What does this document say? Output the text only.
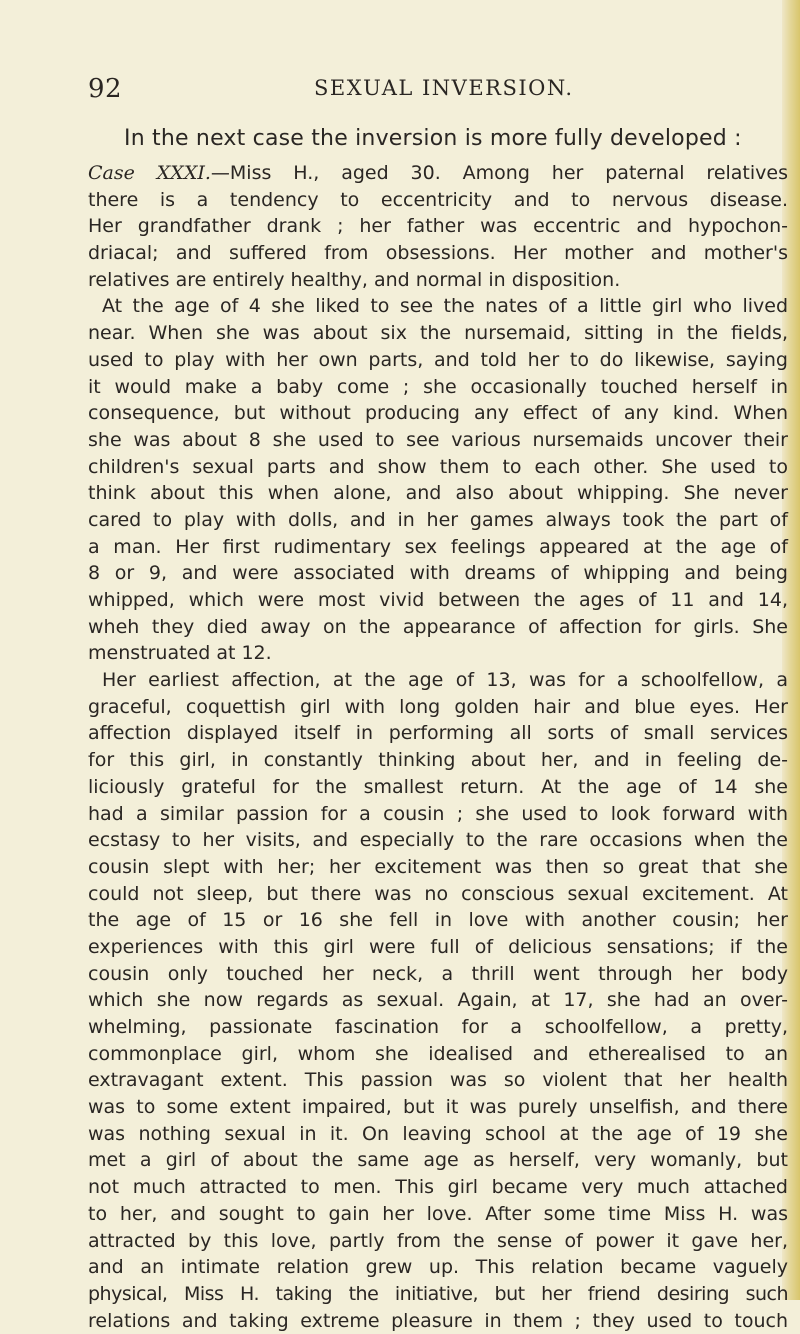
92	SEXUAL INVERSION.
In the next case the inversion is more fully developed :
Case XXXI.—Miss H., aged 30. Among her paternal relatives
there is a tendency to eccentricity and to nervous disease.
Her grandfather drank ; her father was eccentric and hypochon-
driacal; and suffered from obsessions. Her mother and mother's
relatives are entirely healthy, and normal in disposition.
At the age of 4 she liked to see the nates of a little girl who lived
near. When she was about six the nursemaid, sitting in the fields,
used to play with her own parts, and told her to do likewise, saying
it would make a baby come ; she occasionally touched herself in
consequence, but without producing any effect of any kind. When
she was about 8 she used to see various nursemaids uncover their
children's sexual parts and show them to each other. She used to
think about this when alone, and also about whipping. She never
cared to play with dolls, and in her games always took the part of
a man. Her first rudimentary sex feelings appeared at the age of
8 or 9, and were associated with dreams of whipping and being
whipped, which were most vivid between the ages of 11 and 14,
wheh they died away on the appearance of affection for girls. She
menstruated at 12.
Her earliest affection, at the age of 13, was for a schoolfellow, a
graceful, coquettish girl with long golden hair and blue eyes. Her
affection displayed itself in performing all sorts of small services
for this girl, in constantly thinking about her, and in feeling de-
liciously grateful for the smallest return. At the age of 14 she
had a similar passion for a cousin ; she used to look forward with
ecstasy to her visits, and especially to the rare occasions when the
cousin slept with her; her excitement was then so great that she
could not sleep, but there was no conscious sexual excitement. At
the age of 15 or 16 she fell in love with another cousin; her
experiences with this girl were full of delicious sensations; if the
cousin only touched her neck, a thrill went through her body
which she now regards as sexual. Again, at 17, she had an over-
whelming, passionate fascination for a schoolfellow, a pretty,
commonplace girl, whom she idealised and etherealised to an
extravagant extent. This passion was so violent that her health
was to some extent impaired, but it was purely unselfish, and there
was nothing sexual in it. On leaving school at the age of 19 she
met a girl of about the same age as herself, very womanly, but
not much attracted to men. This girl became very much attached
to her, and sought to gain her love. After some time Miss H. was
attracted by this love, partly from the sense of power it gave her,
and an intimate relation grew up. This relation became vaguely
physical, Miss H. taking the initiative, but her friend desiring such
relations and taking extreme pleasure in them ; they used to touch
